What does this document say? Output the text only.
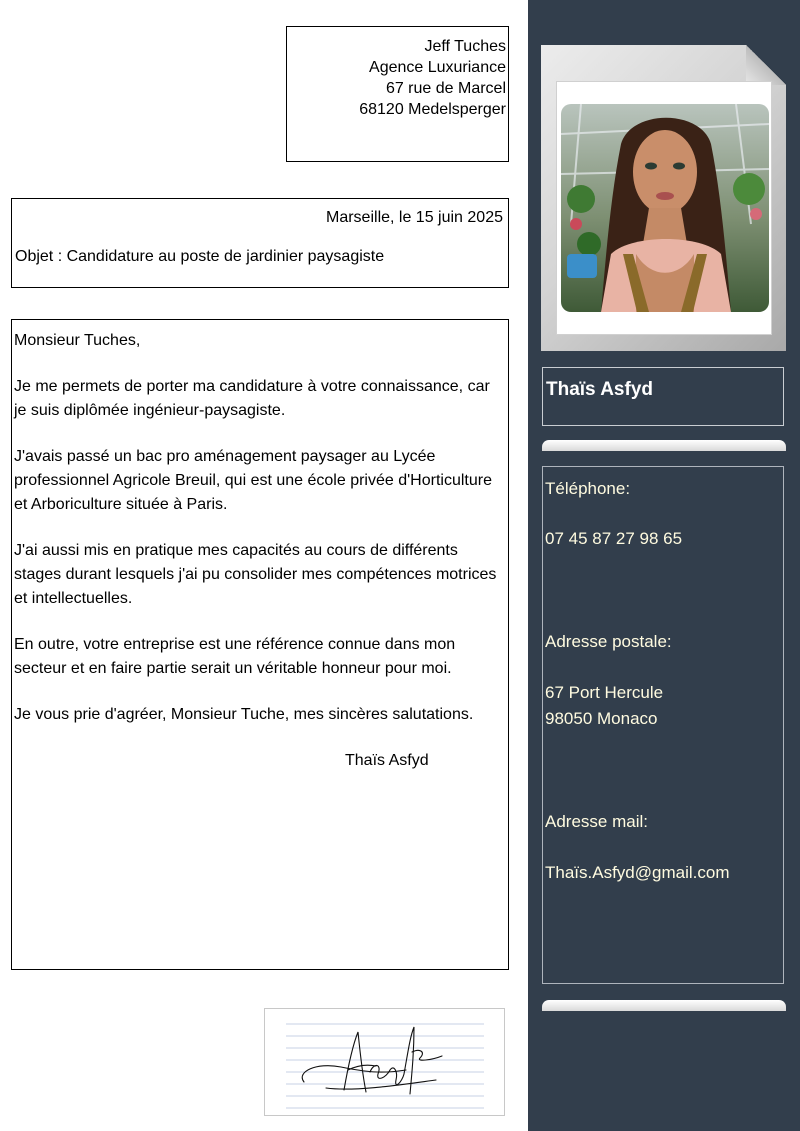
Jeff Tuches
Agence Luxuriance
67 rue de Marcel
68120 Medelsperger
Marseille, le 15 juin 2025
Objet : Candidature au poste de jardinier paysagiste

Monsieur Tuches,

Je me permets de porter ma candidature à votre connaissance, car je suis diplômée ingénieur-paysagiste.

J'avais passé un bac pro aménagement paysager au Lycée professionnel Agricole Breuil, qui est une école privée d'Horticulture et Arboriculture située à Paris.

J'ai aussi mis en pratique mes capacités au cours de différents stages durant lesquels j'ai pu consolider mes compétences motrices et intellectuelles.

En outre, votre entreprise est une référence connue dans mon secteur et en faire partie serait un véritable honneur pour moi.

Je vous prie d'agréer, Monsieur Tuche, mes sincères salutations.

Thaïs Asfyd
Thaïs Asfyd
Téléphone:
07 45 87 27 98 65
Adresse postale:
67 Port Hercule
98050 Monaco
Adresse mail:
Thaïs.Asfyd@gmail.com
